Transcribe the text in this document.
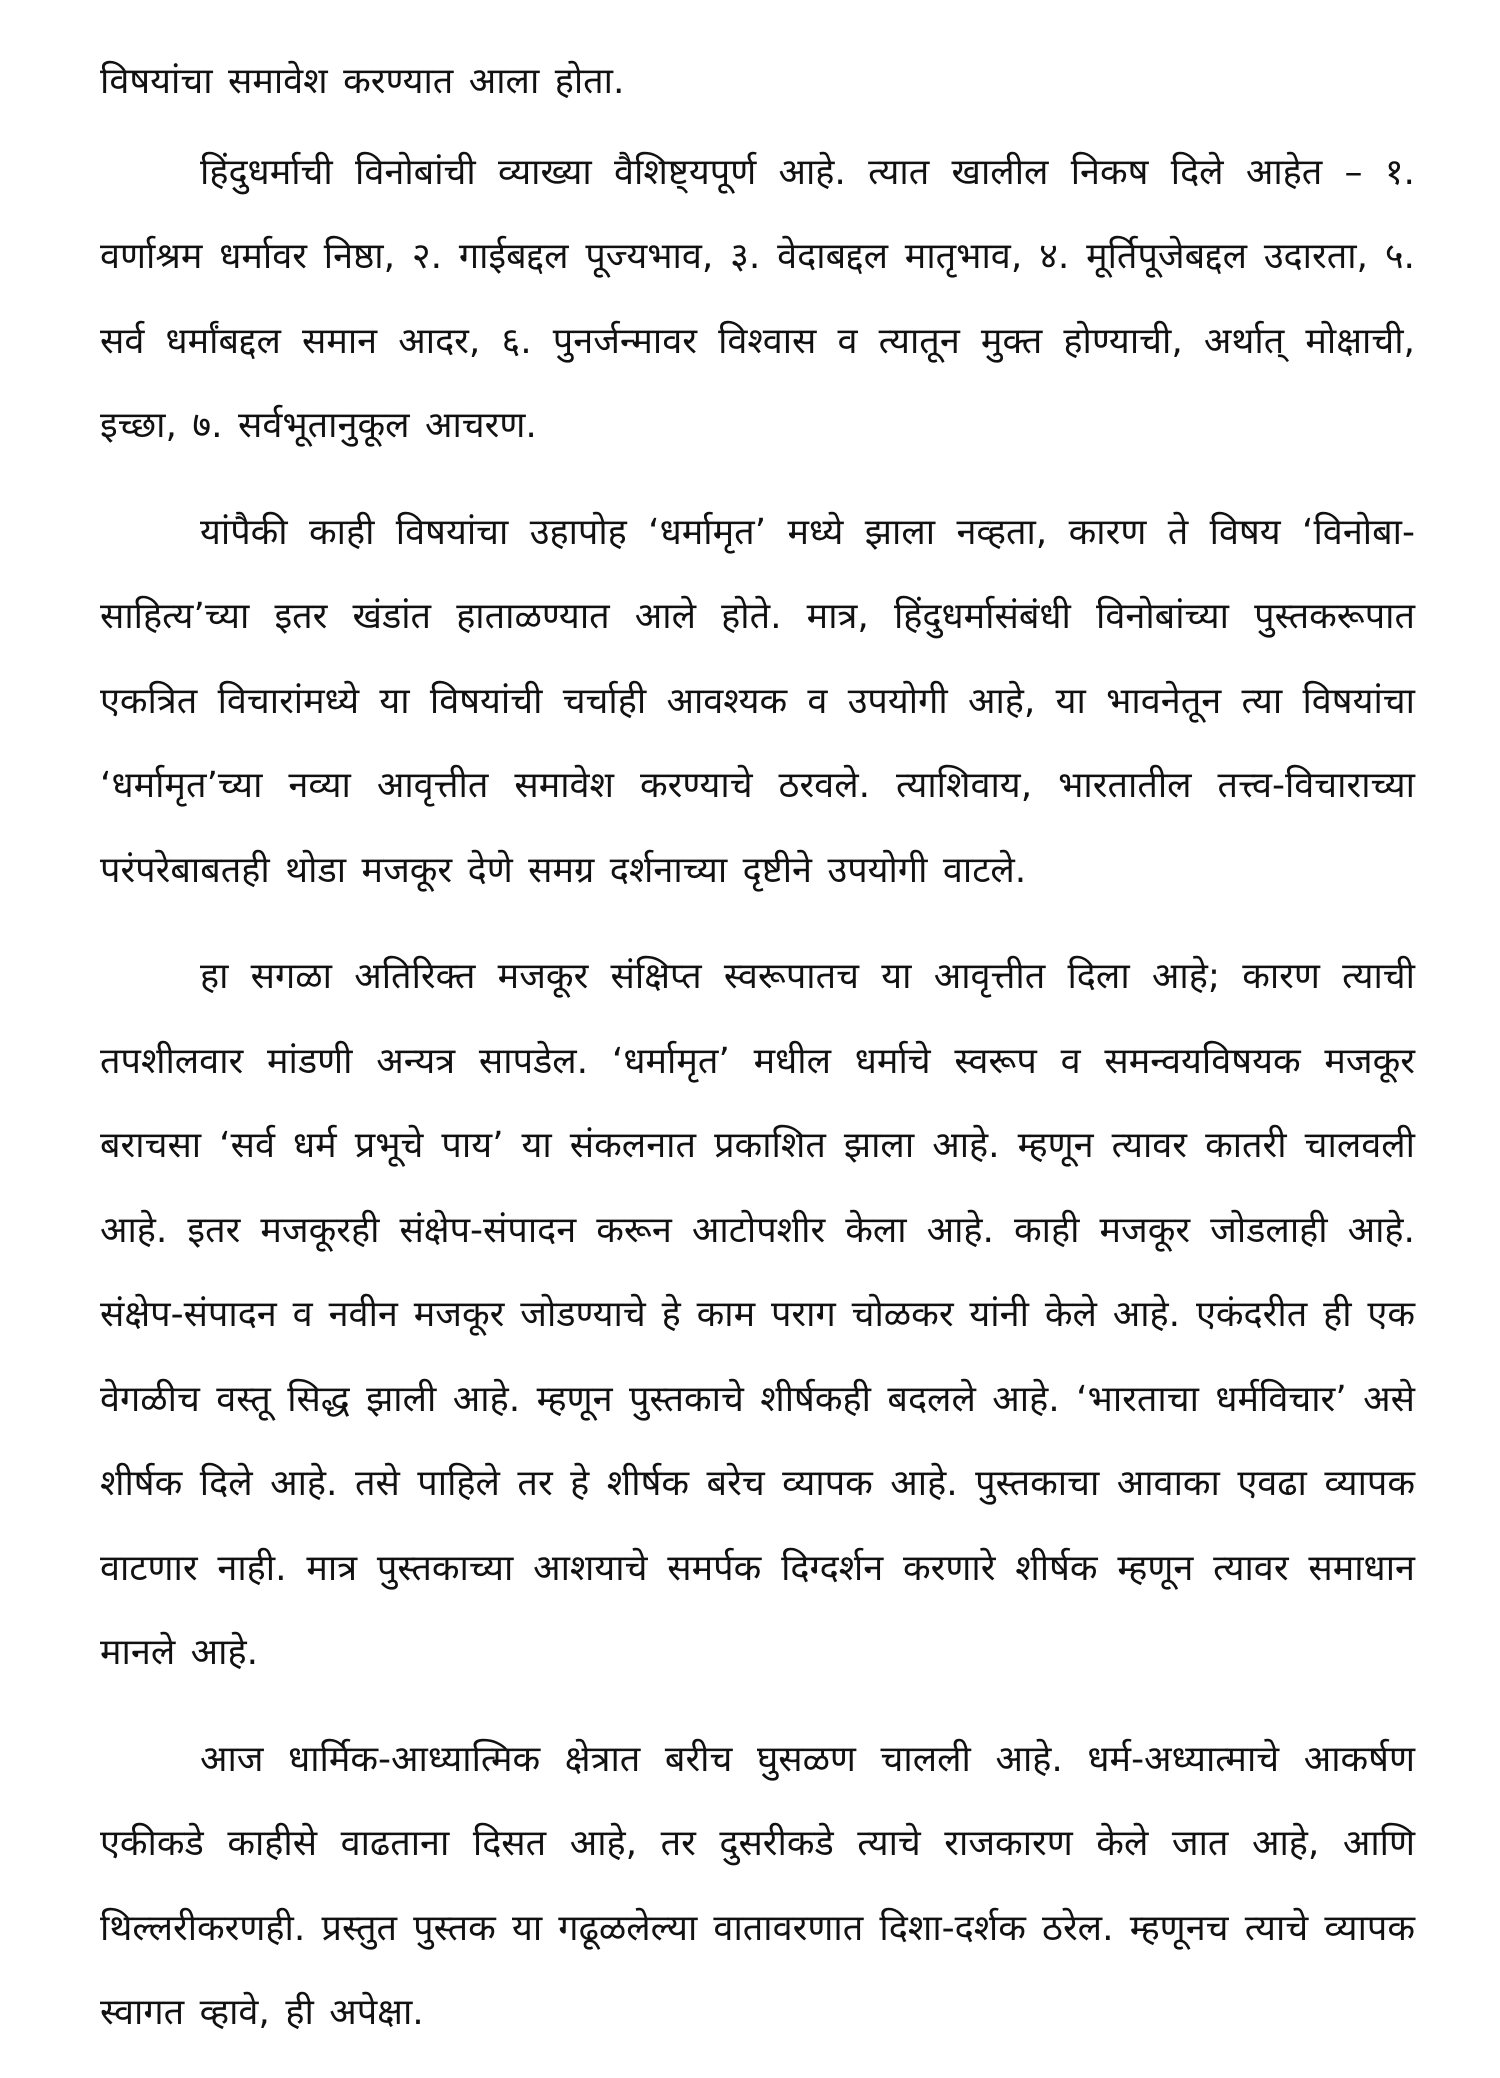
विषयांचा समावेश करण्यात आला होता.

हिंदुधर्माची विनोबांची व्याख्या वैशिष्ट्यपूर्ण आहे. त्यात खालील निकष दिले आहेत – १. वर्णाश्रम धर्मावर निष्ठा, २. गाईबद्दल पूज्यभाव, ३. वेदाबद्दल मातृभाव, ४. मूर्तिपूजेबद्दल उदारता, ५. सर्व धर्मांबद्दल समान आदर, ६. पुनर्जन्मावर विश्वास व त्यातून मुक्त होण्याची, अर्थात् मोक्षाची, इच्छा, ७. सर्वभूतानुकूल आचरण.

यांपैकी काही विषयांचा उहापोह ‘धर्मामृत’ मध्ये झाला नव्हता, कारण ते विषय ‘विनोबा-साहित्य’च्या इतर खंडांत हाताळण्यात आले होते. मात्र, हिंदुधर्मासंबंधी विनोबांच्या पुस्तकरूपात एकत्रित विचारांमध्ये या विषयांची चर्चाही आवश्यक व उपयोगी आहे, या भावनेतून त्या विषयांचा ‘धर्मामृत’च्या नव्या आवृत्तीत समावेश करण्याचे ठरवले. त्याशिवाय, भारतातील तत्त्व-विचाराच्या परंपरेबाबतही थोडा मजकूर देणे समग्र दर्शनाच्या दृष्टीने उपयोगी वाटले.

हा सगळा अतिरिक्त मजकूर संक्षिप्त स्वरूपातच या आवृत्तीत दिला आहे; कारण त्याची तपशीलवार मांडणी अन्यत्र सापडेल. ‘धर्मामृत’ मधील धर्माचे स्वरूप व समन्वयविषयक मजकूर बराचसा ‘सर्व धर्म प्रभूचे पाय’ या संकलनात प्रकाशित झाला आहे. म्हणून त्यावर कातरी चालवली आहे. इतर मजकूरही संक्षेप-संपादन करून आटोपशीर केला आहे. काही मजकूर जोडलाही आहे. संक्षेप-संपादन व नवीन मजकूर जोडण्याचे हे काम पराग चोळकर यांनी केले आहे. एकंदरीत ही एक वेगळीच वस्तू सिद्ध झाली आहे. म्हणून पुस्तकाचे शीर्षकही बदलले आहे. ‘भारताचा धर्मविचार’ असे शीर्षक दिले आहे. तसे पाहिले तर हे शीर्षक बरेच व्यापक आहे. पुस्तकाचा आवाका एवढा व्यापक वाटणार नाही. मात्र पुस्तकाच्या आशयाचे समर्पक दिग्दर्शन करणारे शीर्षक म्हणून त्यावर समाधान मानले आहे.

आज धार्मिक-आध्यात्मिक क्षेत्रात बरीच घुसळण चालली आहे. धर्म-अध्यात्माचे आकर्षण एकीकडे काहीसे वाढताना दिसत आहे, तर दुसरीकडे त्याचे राजकारण केले जात आहे, आणि थिल्लरीकरणही. प्रस्तुत पुस्तक या गढूळलेल्या वातावरणात दिशा-दर्शक ठरेल. म्हणूनच त्याचे व्यापक स्वागत व्हावे, ही अपेक्षा.
